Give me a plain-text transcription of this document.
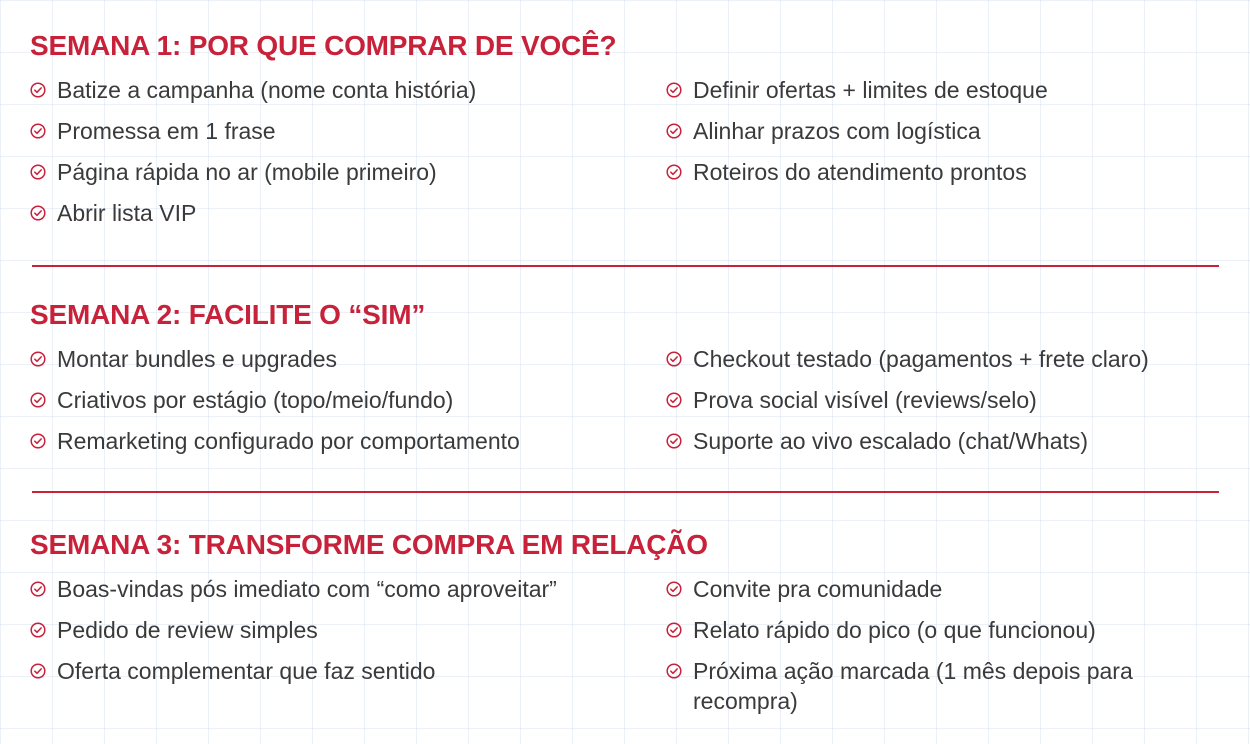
SEMANA 1: POR QUE COMPRAR DE VOCÊ?
Batize a campanha (nome conta história)
Promessa em 1 frase
Página rápida no ar (mobile primeiro)
Abrir lista VIP
Definir ofertas + limites de estoque
Alinhar prazos com logística
Roteiros do atendimento prontos
SEMANA 2: FACILITE O “SIM”
Montar bundles e upgrades
Criativos por estágio (topo/meio/fundo)
Remarketing configurado por comportamento
Checkout testado (pagamentos + frete claro)
Prova social visível (reviews/selo)
Suporte ao vivo escalado (chat/Whats)
SEMANA 3: TRANSFORME COMPRA EM RELAÇÃO
Boas-vindas pós imediato com “como aproveitar”
Pedido de review simples
Oferta complementar que faz sentido
Convite pra comunidade
Relato rápido do pico (o que funcionou)
Próxima ação marcada (1 mês depois para recompra)
